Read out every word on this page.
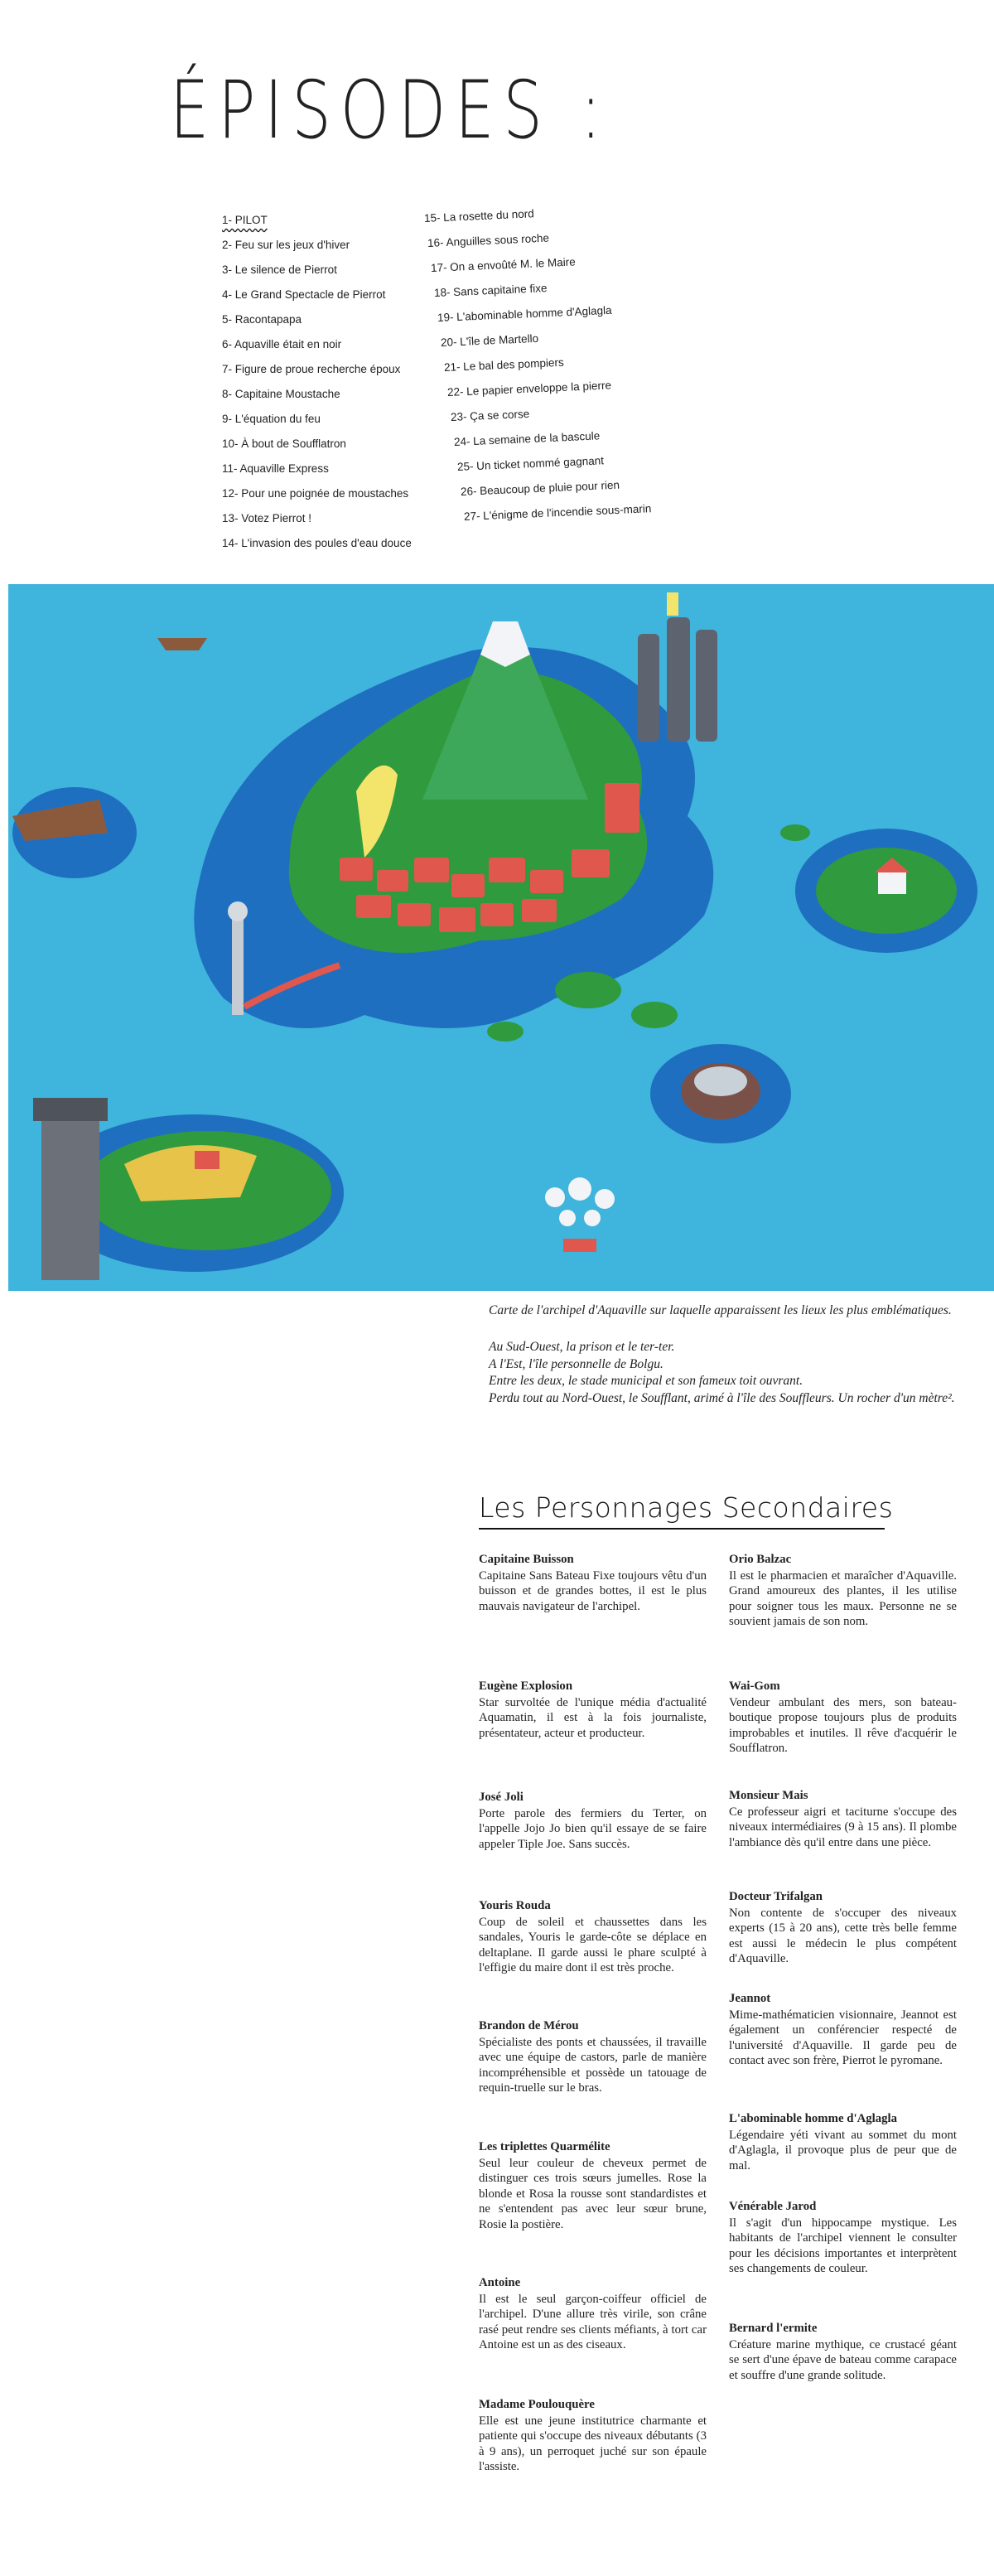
ÉPISODES :
1- PILOT
2- Feu sur les jeux d'hiver
3- Le silence de Pierrot
4- Le Grand Spectacle de Pierrot
5- Racontapapa
6- Aquaville était en noir
7- Figure de proue recherche époux
8- Capitaine Moustache
9- L'équation du feu
10- À bout de Soufflatron
11- Aquaville Express
12- Pour une poignée de moustaches
13- Votez Pierrot !
14- L'invasion des poules d'eau douce
15- La rosette du nord
16- Anguilles sous roche
17- On a envoûté M. le Maire
18- Sans capitaine fixe
19- L'abominable homme d'Aglagla
20- L'île de Martello
21- Le bal des pompiers
22- Le papier enveloppe la pierre
23- Ça se corse
24- La semaine de la bascule
25- Un ticket nommé gagnant
26- Beaucoup de pluie pour rien
27- L'énigme de l'incendie sous-marin
Carte de l'archipel d'Aquaville sur laquelle apparaissent les lieux les plus emblématiques.
Au Sud-Ouest, la prison et le ter-ter.
A l'Est, l'île personnelle de Bolgu.
Entre les deux, le stade municipal et son fameux toit ouvrant.
Perdu tout au Nord-Ouest, le Soufflant, arimé à l'île des Souffleurs. Un rocher d'un mètre².
Les Personnages Secondaires
Capitaine Buisson
Capitaine Sans Bateau Fixe toujours vêtu d'un buisson et de grandes bottes, il est le plus mauvais navigateur de l'archipel.
Eugène Explosion
Star survoltée de l'unique média d'actualité Aquamatin, il est à la fois journaliste, présentateur, acteur et producteur.
José Joli
Porte parole des fermiers du Terter, on l'appelle Jojo Jo bien qu'il essaye de se faire appeler Tiple Joe. Sans succès.
Youris Rouda
Coup de soleil et chaussettes dans les sandales, Youris le garde-côte se déplace en deltaplane. Il garde aussi le phare sculpté à l'effigie du maire dont il est très proche.
Brandon de Mérou
Spécialiste des ponts et chaussées, il travaille avec une équipe de castors, parle de manière incompréhensible et possède un tatouage de requin-truelle sur le bras.
Les triplettes Quarmélite
Seul leur couleur de cheveux permet de distinguer ces trois sœurs jumelles. Rose la blonde et Rosa la rousse sont standardistes et ne s'entendent pas avec leur sœur brune, Rosie la postière.
Antoine
Il est le seul garçon-coiffeur officiel de l'archipel. D'une allure très virile, son crâne rasé peut rendre ses clients méfiants, à tort car Antoine est un as des ciseaux.
Madame Poulouquère
Elle est une jeune institutrice charmante et patiente qui s'occupe des niveaux débutants (3 à 9 ans), un perroquet juché sur son épaule l'assiste.
Orio Balzac
Il est le pharmacien et maraîcher d'Aquaville. Grand amoureux des plantes, il les utilise pour soigner tous les maux. Personne ne se souvient jamais de son nom.
Wai-Gom
Vendeur ambulant des mers, son bateau-boutique propose toujours plus de produits improbables et inutiles. Il rêve d'acquérir le Soufflatron.
Monsieur Mais
Ce professeur aigri et taciturne s'occupe des niveaux intermédiaires (9 à 15 ans). Il plombe l'ambiance dès qu'il entre dans une pièce.
Docteur Trifalgan
Non contente de s'occuper des niveaux experts (15 à 20 ans), cette très belle femme est aussi le médecin le plus compétent d'Aquaville.
Jeannot
Mime-mathématicien visionnaire, Jeannot est également un conférencier respecté de l'université d'Aquaville. Il garde peu de contact avec son frère, Pierrot le pyromane.
L'abominable homme d'Aglagla
Légendaire yéti vivant au sommet du mont d'Aglagla, il provoque plus de peur que de mal.
Vénérable Jarod
Il s'agit d'un hippocampe mystique. Les habitants de l'archipel viennent le consulter pour les décisions importantes et interprètent ses changements de couleur.
Bernard l'ermite
Créature marine mythique, ce crustacé géant se sert d'une épave de bateau comme carapace et souffre d'une grande solitude.
